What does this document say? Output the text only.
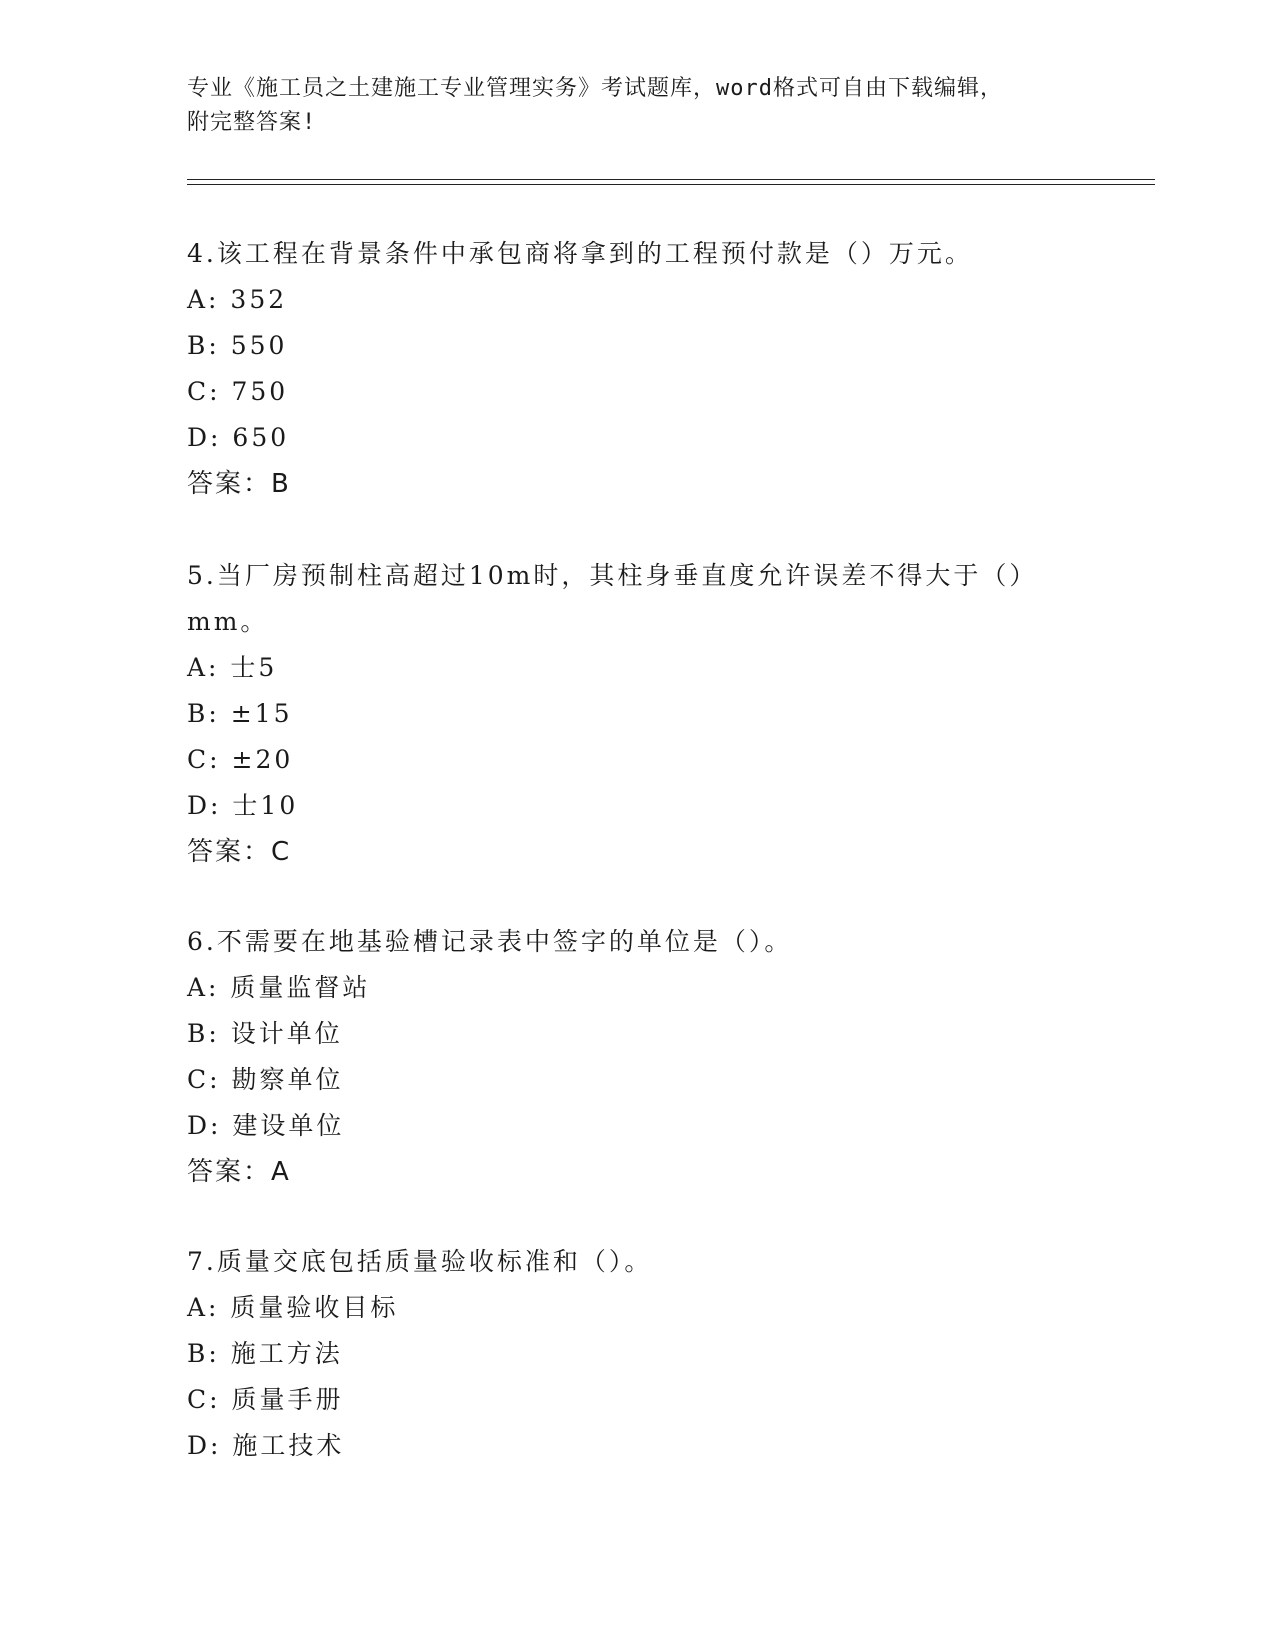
专业《施工员之土建施工专业管理实务》考试题库，word格式可自由下载编辑，
附完整答案!
4.该工程在背景条件中承包商将拿到的工程预付款是（）万元。
A: 352
B: 550
C: 750
D: 650
答案：B
5.当厂房预制柱高超过10m时，其柱身垂直度允许误差不得大于（）mm。
A: 士5
B: ±15
C: ±20
D: 士10
答案：C
6.不需要在地基验槽记录表中签字的单位是（）。
A: 质量监督站
B: 设计单位
C: 勘察单位
D: 建设单位
答案：A
7.质量交底包括质量验收标准和（）。
A: 质量验收目标
B: 施工方法
C: 质量手册
D: 施工技术
